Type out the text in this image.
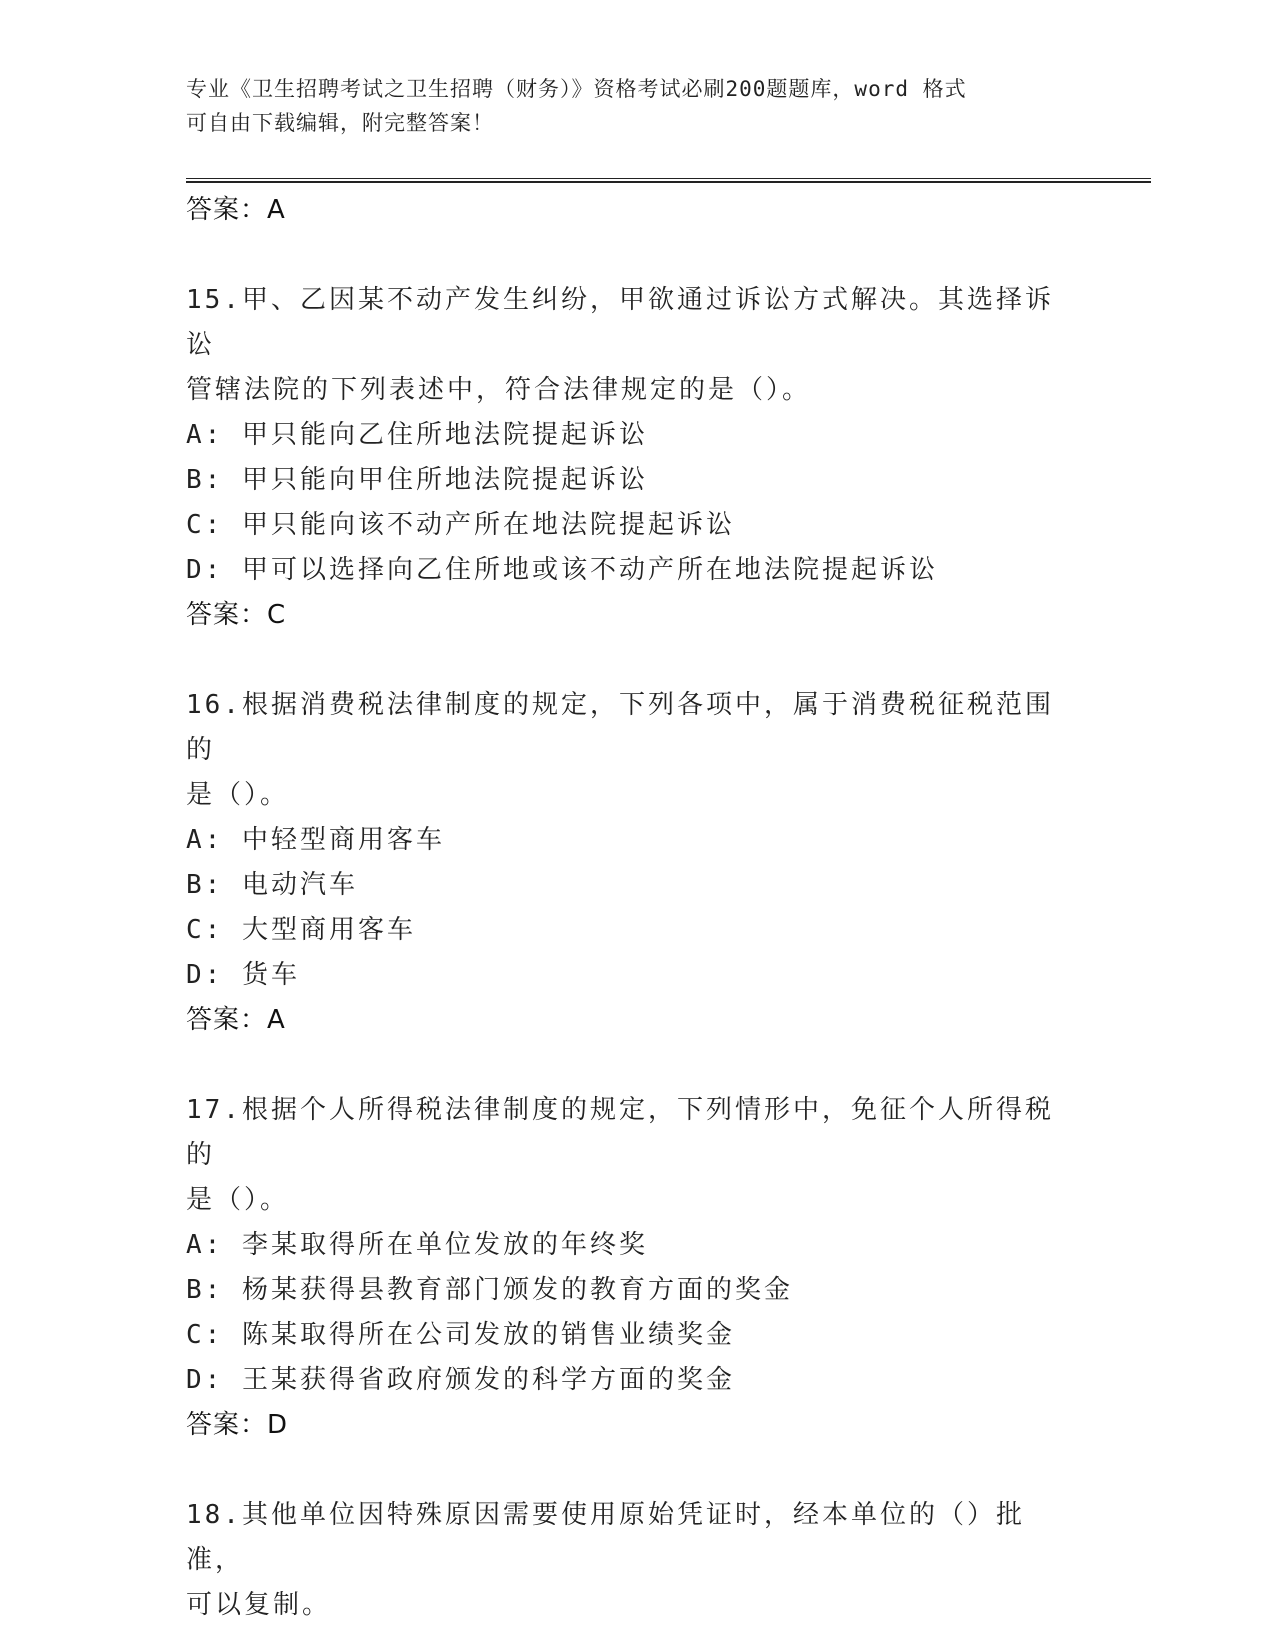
专业《卫生招聘考试之卫生招聘（财务）》资格考试必刷200题题库，word 格式
可自由下载编辑，附完整答案！
答案：A
15.甲、乙因某不动产发生纠纷，甲欲通过诉讼方式解决。其选择诉讼
管辖法院的下列表述中，符合法律规定的是（）。
A: 甲只能向乙住所地法院提起诉讼
B: 甲只能向甲住所地法院提起诉讼
C: 甲只能向该不动产所在地法院提起诉讼
D: 甲可以选择向乙住所地或该不动产所在地法院提起诉讼
答案：C
16.根据消费税法律制度的规定，下列各项中，属于消费税征税范围的
是（）。
A: 中轻型商用客车
B: 电动汽车
C: 大型商用客车
D: 货车
答案：A
17.根据个人所得税法律制度的规定，下列情形中，免征个人所得税的
是（）。
A: 李某取得所在单位发放的年终奖
B: 杨某获得县教育部门颁发的教育方面的奖金
C: 陈某取得所在公司发放的销售业绩奖金
D: 王某获得省政府颁发的科学方面的奖金
答案：D
18.其他单位因特殊原因需要使用原始凭证时，经本单位的（）批准，
可以复制。
